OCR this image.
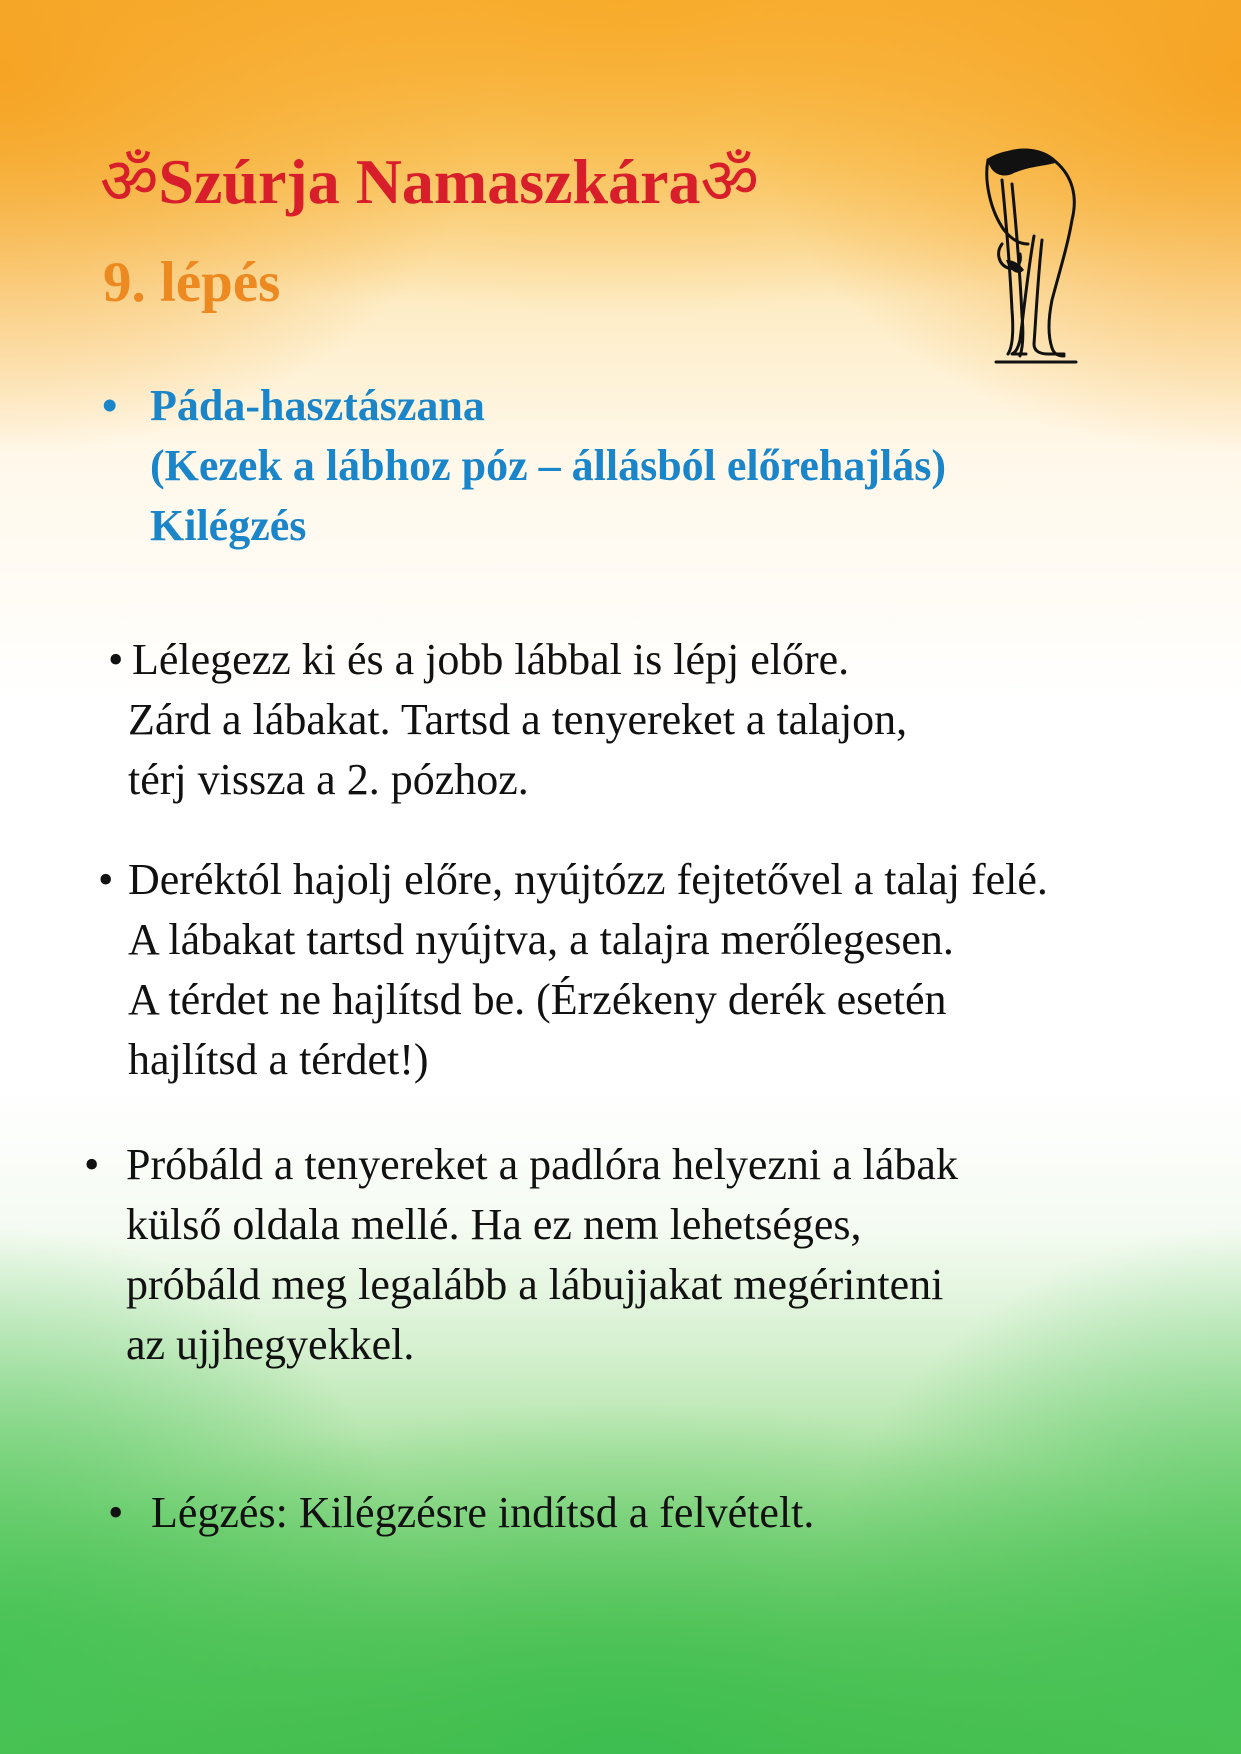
ॐSzúrja Namaszkáraॐ
9. lépés
• Páda-hasztászana
(Kezek a lábhoz póz – állásból előrehajlás)
Kilégzés
• Lélegezz ki és a jobb lábbal is lépj előre.
Zárd a lábakat. Tartsd a tenyereket a talajon,
térj vissza a 2. pózhoz.
• Deréktól hajolj előre, nyújtózz fejtetővel a talaj felé.
A lábakat tartsd nyújtva, a talajra merőlegesen.
A térdet ne hajlítsd be. (Érzékeny derék esetén
hajlítsd a térdet!)
• Próbáld a tenyereket a padlóra helyezni a lábak
külső oldala mellé. Ha ez nem lehetséges,
próbáld meg legalább a lábujjakat megérinteni
az ujjhegyekkel.
• Légzés: Kilégzésre indítsd a felvételt.
